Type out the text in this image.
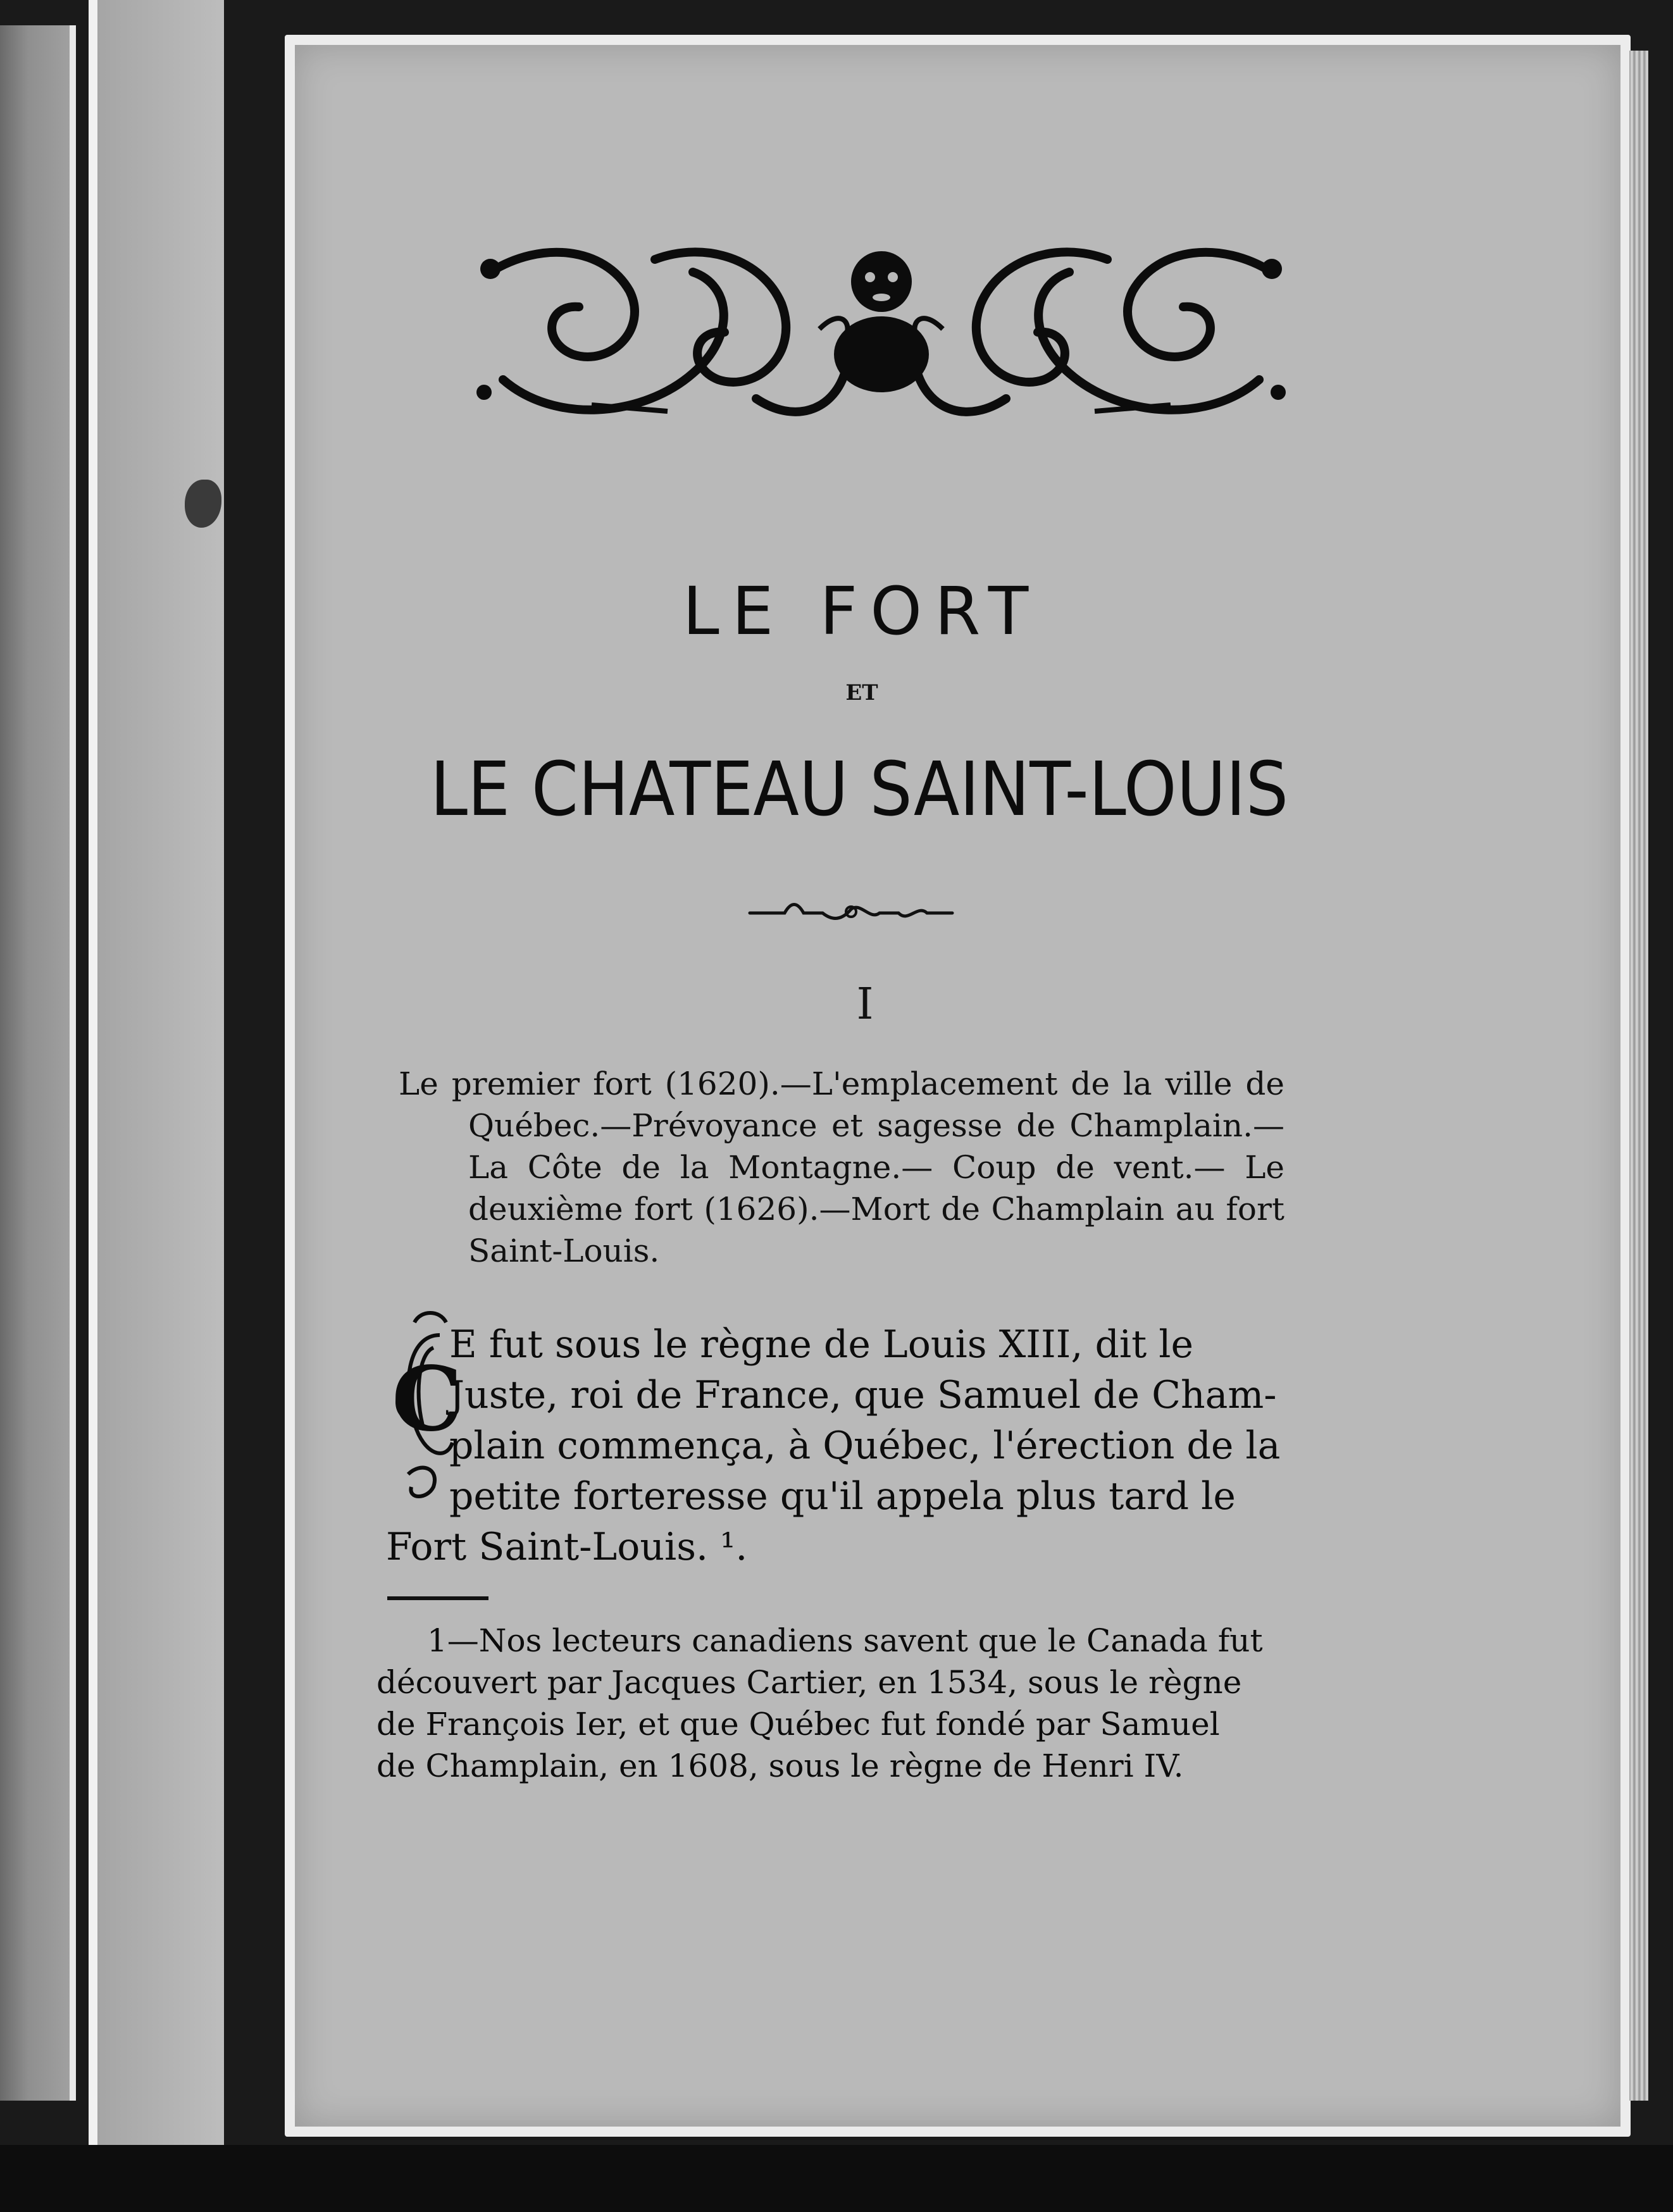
LE FORT
ET
LE CHATEAU SAINT-LOUIS
I

Le premier fort (1620).—L'emplacement de la ville de Québec.—Prévoyance et sagesse de Champlain.—La Côte de la Montagne.— Coup de vent.— Le deuxième fort (1626).—Mort de Champlain au fort Saint-Louis.

C
E fut sous le règne de Louis XIII, dit le
Juste, roi de France, que Samuel de Cham-
plain commença, à Québec, l'érection de la
petite forteresse qu'il appela plus tard le
Fort Saint-Louis. ¹.
1—Nos lecteurs canadiens savent que le Canada fut
découvert par Jacques Cartier, en 1534, sous le règne
de François Ier, et que Québec fut fondé par Samuel
de Champlain, en 1608, sous le règne de Henri IV.
